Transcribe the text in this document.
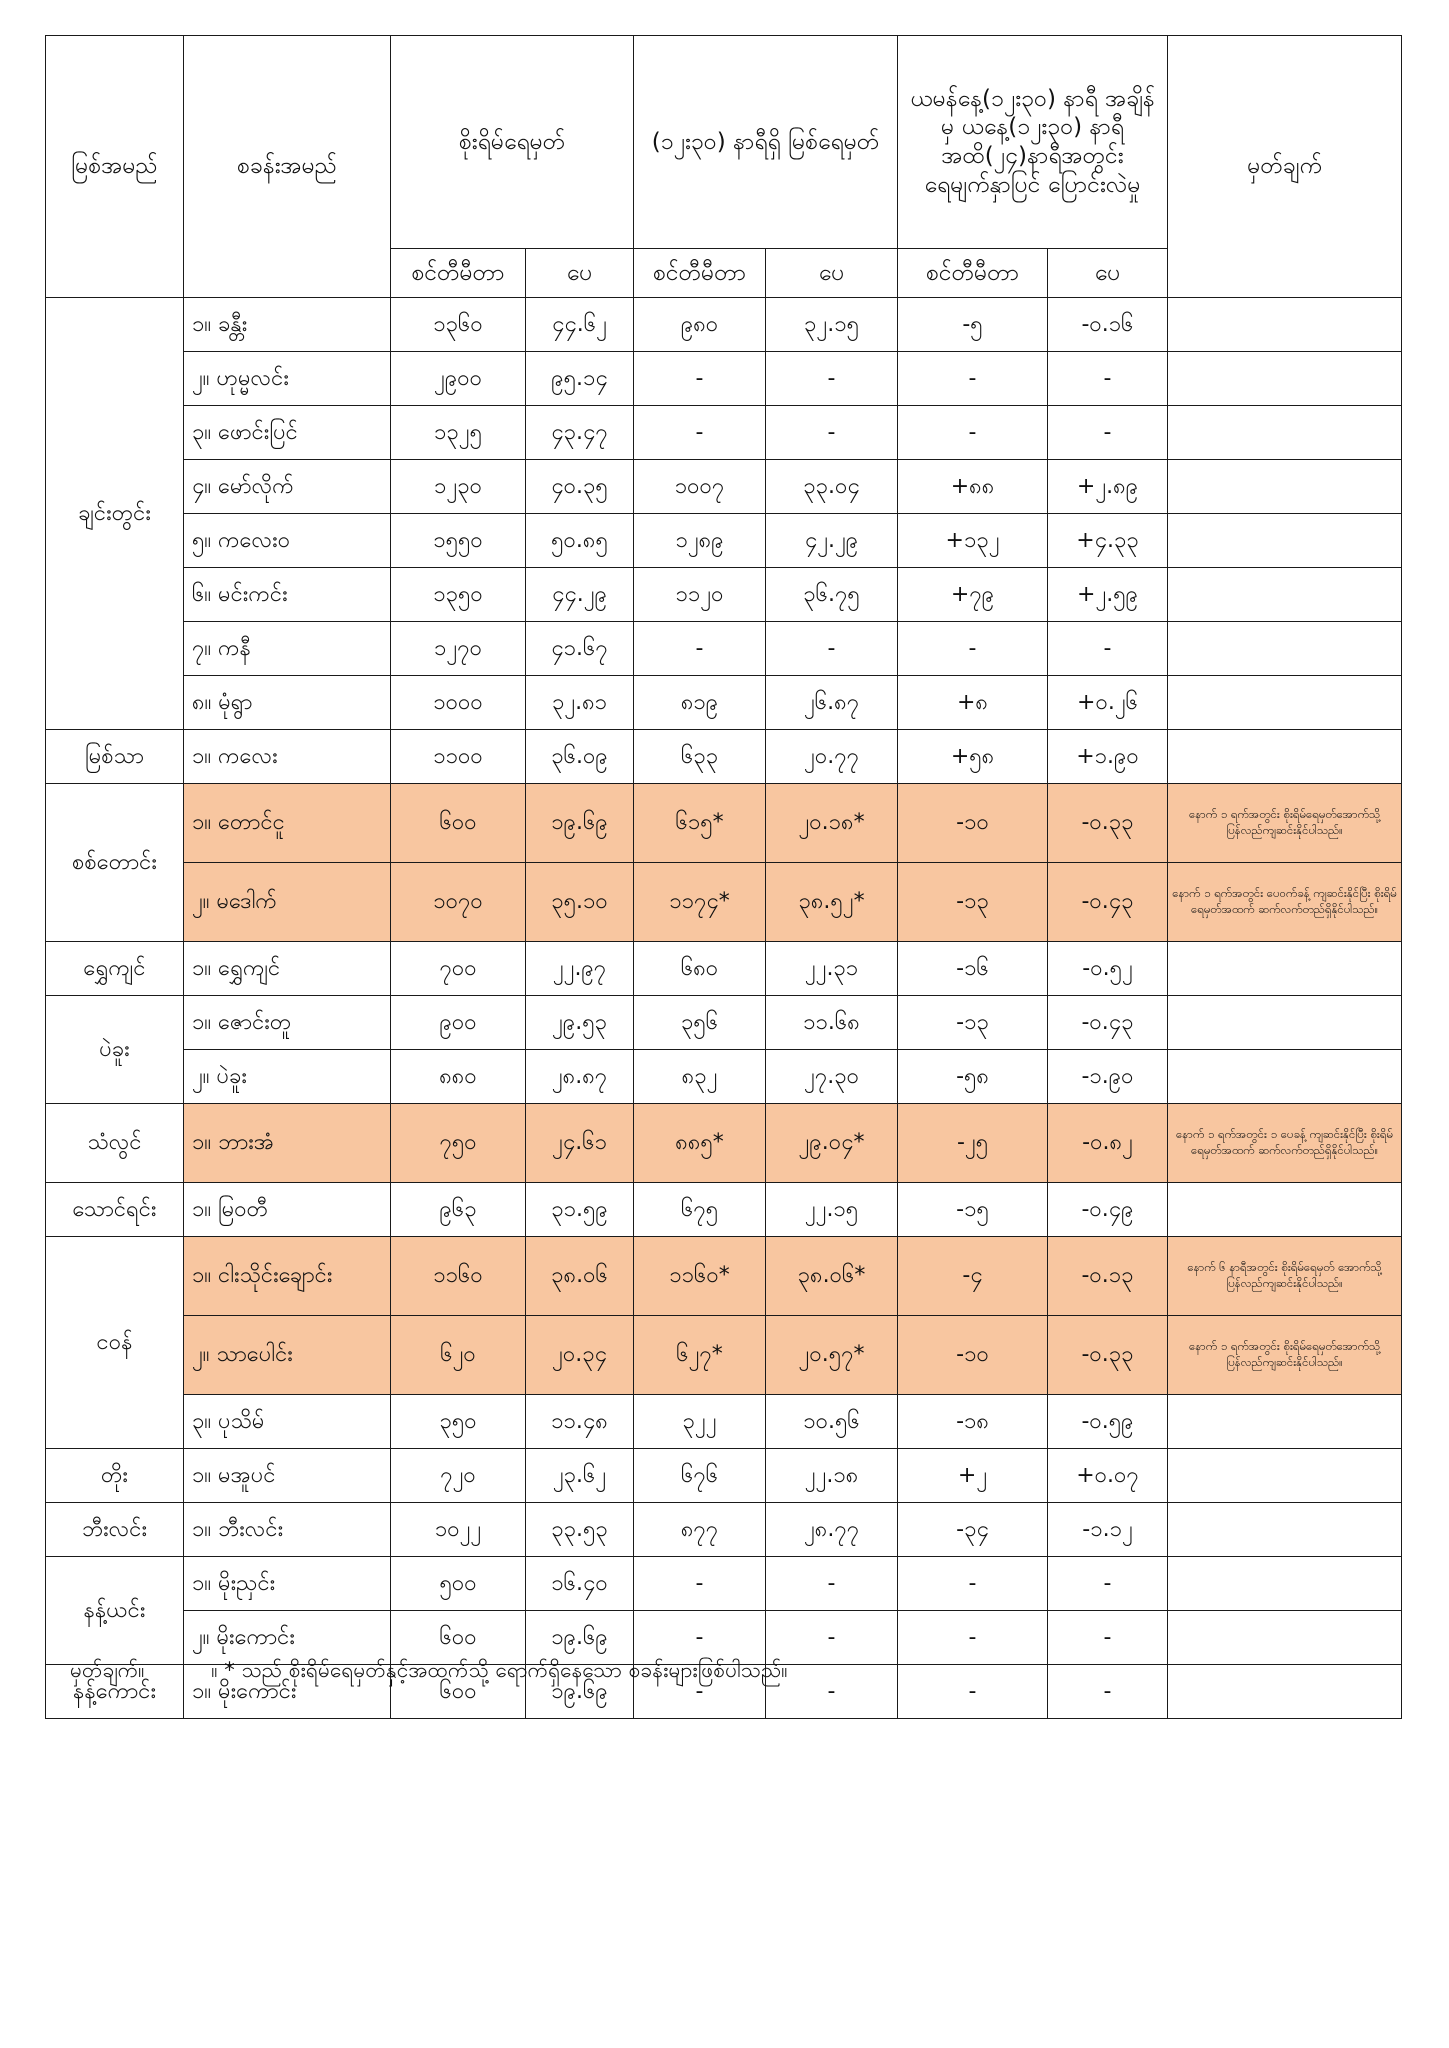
မြစ်အမည်	စခန်းအမည်	စိုးရိမ်ရေမှတ်		(၁၂း၃၀) နာရီရှိ မြစ်ရေမှတ်		ယမန်နေ့(၁၂း၃၀) နာရီ အချိန်မှ ယနေ့(၁၂း၃၀) နာရီအထိ(၂၄)နာရီအတွင်း ရေမျက်နှာပြင် ပြောင်းလဲမှု		မှတ်ချက်
		စင်တီမီတာ	ပေ	စင်တီမီတာ	ပေ	စင်တီမီတာ	ပေ	
ချင်းတွင်း	၁။ ခန္တီး	၁၃၆၀	၄၄.၆၂	၉၈၀	၃၂.၁၅	-၅	-၀.၁၆	
	၂။ ဟုမ္မလင်း	၂၉၀၀	၉၅.၁၄	-	-	-	-	
	၃။ ဖောင်းပြင်	၁၃၂၅	၄၃.၄၇	-	-	-	-	
	၄။ မော်လိုက်	၁၂၃၀	၄၀.၃၅	၁၀၀၇	၃၃.၀၄	+၈၈	+၂.၈၉	
	၅။ ကလေးဝ	၁၅၅၀	၅၀.၈၅	၁၂၈၉	၄၂.၂၉	+၁၃၂	+၄.၃၃	
	၆။ မင်းကင်း	၁၃၅၀	၄၄.၂၉	၁၁၂၀	၃၆.၇၅	+၇၉	+၂.၅၉	
	၇။ ကနီ	၁၂၇၀	၄၁.၆၇	-	-	-	-	
	၈။ မုံရွာ	၁၀၀၀	၃၂.၈၁	၈၁၉	၂၆.၈၇	+၈	+၀.၂၆	
မြစ်သာ	၁။ ကလေး	၁၁၀၀	၃၆.၀၉	၆၃၃	၂၀.၇၇	+၅၈	+၁.၉၀	
စစ်တောင်း	၁။ တောင်ငူ	၆၀၀	၁၉.၆၉	၆၁၅*	၂၀.၁၈*	-၁၀	-၀.၃၃	နောက် ၁ ရက်အတွင်း စိုးရိမ်ရေမှတ်အောက်သို့ ပြန်လည်ကျဆင်းနိုင်ပါသည်။
	၂။ မဒေါက်	၁၀၇၀	၃၅.၁၀	၁၁၇၄*	၃၈.၅၂*	-၁၃	-၀.၄၃	နောက် ၁ ရက်အတွင်း ပေဝက်ခန့် ကျဆင်းနိုင်ပြီး စိုးရိမ်ရေမှတ်အထက် ဆက်လက်တည်ရှိနိုင်ပါသည်။
ရွှေကျင်	၁။ ရွှေကျင်	၇၀၀	၂၂.၉၇	၆၈၀	၂၂.၃၁	-၁၆	-၀.၅၂	
ပဲခူး	၁။ ဇောင်းတူ	၉၀၀	၂၉.၅၃	၃၅၆	၁၁.၆၈	-၁၃	-၀.၄၃	
	၂။ ပဲခူး	၈၈၀	၂၈.၈၇	၈၃၂	၂၇.၃၀	-၅၈	-၁.၉၀	
သံလွင်	၁။ ဘားအံ	၇၅၀	၂၄.၆၁	၈၈၅*	၂၉.၀၄*	-၂၅	-၀.၈၂	နောက် ၁ ရက်အတွင်း ၁ ပေခန့် ကျဆင်းနိုင်ပြီး စိုးရိမ်ရေမှတ်အထက် ဆက်လက်တည်ရှိနိုင်ပါသည်။
သောင်ရင်း	၁။ မြဝတီ	၉၆၃	၃၁.၅၉	၆၇၅	၂၂.၁၅	-၁၅	-၀.၄၉	
ငဝန်	၁။ ငါးသိုင်းချောင်း	၁၁၆၀	၃၈.၀၆	၁၁၆၀*	၃၈.၀၆*	-၄	-၀.၁၃	နောက် ၆ နာရီအတွင်း စိုးရိမ်ရေမှတ် အောက်သို့ ပြန်လည်ကျဆင်းနိုင်ပါသည်။
	၂။ သာပေါင်း	၆၂၀	၂၀.၃၄	၆၂၇*	၂၀.၅၇*	-၁၀	-၀.၃၃	နောက် ၁ ရက်အတွင်း စိုးရိမ်ရေမှတ်အောက်သို့ ပြန်လည်ကျဆင်းနိုင်ပါသည်။
	၃။ ပုသိမ်	၃၅၀	၁၁.၄၈	၃၂၂	၁၀.၅၆	-၁၈	-၀.၅၉	
တိုး	၁။ မအူပင်	၇၂၀	၂၃.၆၂	၆၇၆	၂၂.၁၈	+၂	+၀.၀၇	
ဘီးလင်း	၁။ ဘီးလင်း	၁၀၂၂	၃၃.၅၃	၈၇၇	၂၈.၇၇	-၃၄	-၁.၁၂	
နန့်ယင်း	၁။ မိုးညှင်း	၅၀၀	၁၆.၄၀	-	-	-	-	
	၂။ မိုးကောင်း	၆၀၀	၁၉.၆၉	-	-	-	-	
နန့်ကောင်း	၁။ မိုးကောင်း	၆၀၀	၁၉.၆၉	-	-	-	-	
မှတ်ချက်။	။ * သည် စိုးရိမ်ရေမှတ်နှင့်အထက်သို့ ရောက်ရှိနေသော စခန်းများဖြစ်ပါသည်။
